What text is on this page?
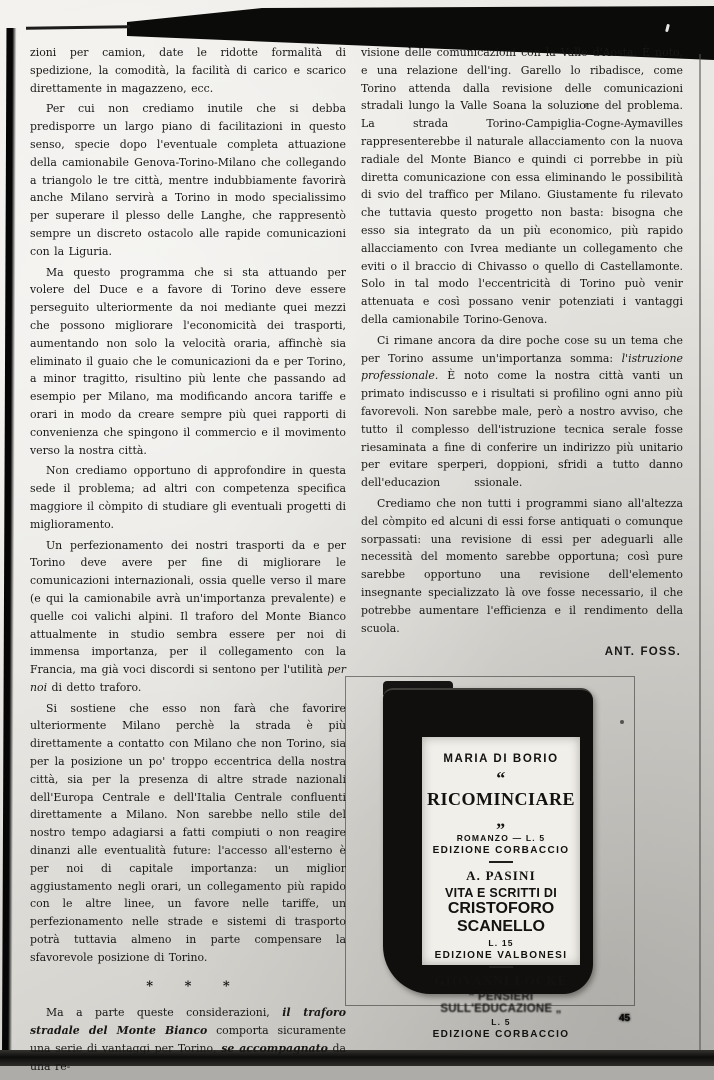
zioni per camion, date le ridotte formalità di spedizione, la comodità, la facilità di carico e scarico direttamente in magazzeno, ecc.

Per cui non crediamo inutile che si debba predisporre un largo piano di facilitazioni in questo senso, specie dopo l'eventuale completa attuazione della camionabile Genova-Torino-Milano che collegando a triangolo le tre città, mentre indubbiamente favorirà anche Milano servirà a Torino in modo specialissimo per superare il plesso delle Langhe, che rappresentò sempre un discreto ostacolo alle rapide comunicazioni con la Liguria.

Ma questo programma che si sta attuando per volere del Duce e a favore di Torino deve essere perseguito ulteriormente da noi mediante quei mezzi che possono migliorare l'economicità dei trasporti, aumentando non solo la velocità oraria, affinchè sia eliminato il guaio che le comunicazioni da e per Torino, a minor tragitto, risultino più lente che passando ad esempio per Milano, ma modificando ancora tariffe e orari in modo da creare sempre più quei rapporti di convenienza che spingono il commercio e il movimento verso la nostra città.

Non crediamo opportuno di approfondire in questa sede il problema; ad altri con competenza specifica maggiore il còmpito di studiare gli eventuali progetti di miglioramento.

Un perfezionamento dei nostri trasporti da e per Torino deve avere per fine di migliorare le comunicazioni internazionali, ossia quelle verso il mare (e qui la camionabile avrà un'importanza prevalente) e quelle coi valichi alpini. Il traforo del Monte Bianco attualmente in studio sembra essere per noi di immensa importanza, per il collegamento con la Francia, ma già voci discordi si sentono per l'utilità per noi di detto traforo.

Si sostiene che esso non farà che favorire ulteriormente Milano perchè la strada è più direttamente a contatto con Milano che non Torino, sia per la posizione un po' troppo eccentrica della nostra città, sia per la presenza di altre strade nazionali dell'Europa Centrale e dell'Italia Centrale confluenti direttamente a Milano. Non sarebbe nello stile del nostro tempo adagiarsi a fatti compiuti o non reagire dinanzi alle eventualità future: l'accesso all'esterno è per noi di capitale importanza: un miglior aggiustamento negli orari, un collegamento più rapido con le altre linee, un favore nelle tariffe, un perfezionamento nelle strade e sistemi di trasporto potrà tuttavia almeno in parte compensare la sfavorevole posizione di Torino.

* * *

Ma a parte queste considerazioni, il traforo stradale del Monte Bianco comporta sicuramente una serie di vantaggi per Torino, se accompagnato da una re-

visione delle comunicazioni con la Valle d'Aosta. È noto, e una relazione dell'ing. Garello lo ribadisce, come Torino attenda dalla revisione delle comunicazioni stradali lungo la Valle Soana la soluzione del problema. La strada Torino-Campiglia-Cogne-Aymavilles rappresenterebbe il naturale allacciamento con la nuova radiale del Monte Bianco e quindi ci porrebbe in più diretta comunicazione con essa eliminando le possibilità di svio del traffico per Milano. Giustamente fu rilevato che tuttavia questo progetto non basta: bisogna che esso sia integrato da un più economico, più rapido allacciamento con Ivrea mediante un collegamento che eviti o il braccio di Chivasso o quello di Castellamonte. Solo in tal modo l'eccentricità di Torino può venir attenuata e così possano venir potenziati i vantaggi della camionabile Torino-Genova.

Ci rimane ancora da dire poche cose su un tema che per Torino assume un'importanza somma: l'istruzione professionale. È noto come la nostra città vanti un primato indiscusso e i risultati si profilino ogni anno più favorevoli. Non sarebbe male, però a nostro avviso, che tutto il complesso dell'istruzione tecnica serale fosse riesaminata a fine di conferire un indirizzo più unitario per evitare sperperi, doppioni, sfridi a tutto danno dell'educazion	ssionale.

Crediamo che non tutti i programmi siano all'altezza del còmpito ed alcuni di essi forse antiquati o comunque sorpassati: una revisione di essi per adeguarli alle necessità del momento sarebbe opportuna; così pure sarebbe opportuno una revisione dell'elemento insegnante specializzato là ove fosse necessario, il che potrebbe aumentare l'efficienza e il rendimento della scuola.

ANT. FOSS.

MARIA DI BORIO
“ RICOMINCIARE „
ROMANZO — L. 5
EDIZIONE CORBACCIO
A. PASINI
VITA E SCRITTI DI
CRISTOFORO SCANELLO
L. 15
EDIZIONE VALBONESI
GIOVANNI LOCKE
“ PENSIERI SULL'EDUCAZIONE „
L. 5
EDIZIONE CORBACCIO
45
